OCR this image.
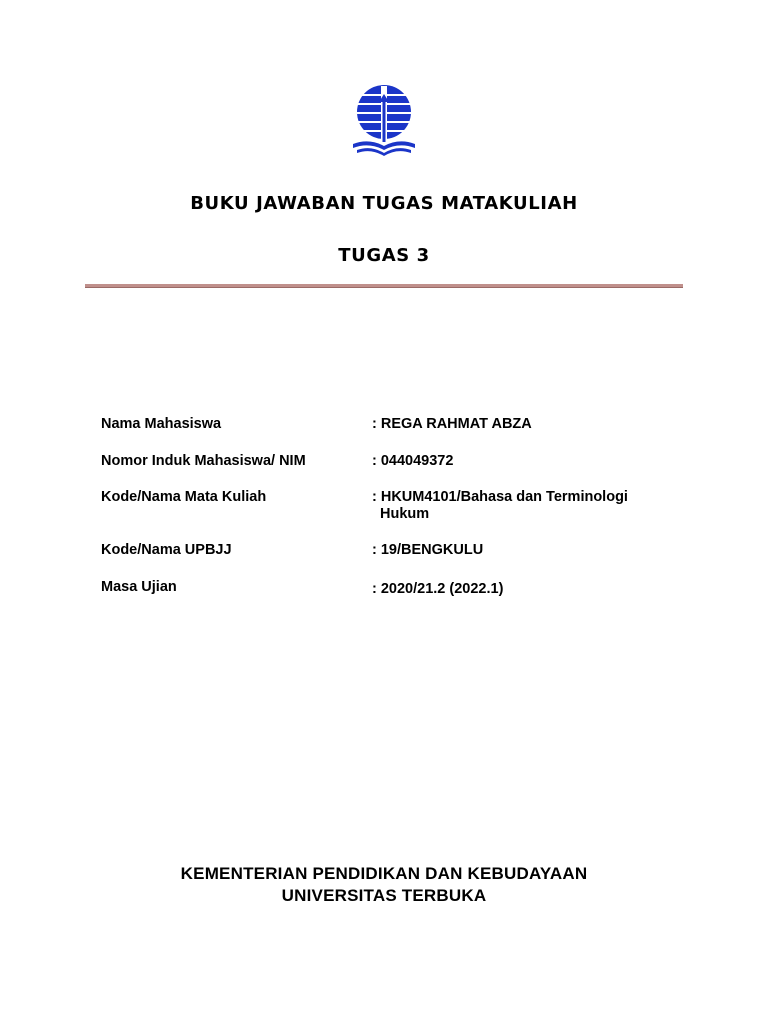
BUKU JAWABAN TUGAS MATAKULIAH
TUGAS 3
Nama Mahasiswa	: REGA RAHMAT ABZA
Nomor Induk Mahasiswa/ NIM	: 044049372
Kode/Nama Mata Kuliah	: HKUM4101/Bahasa dan Terminologi
Hukum
Kode/Nama UPBJJ	: 19/BENGKULU
Masa Ujian	: 2020/21.2 (2022.1)

KEMENTERIAN PENDIDIKAN DAN KEBUDAYAAN

UNIVERSITAS TERBUKA
